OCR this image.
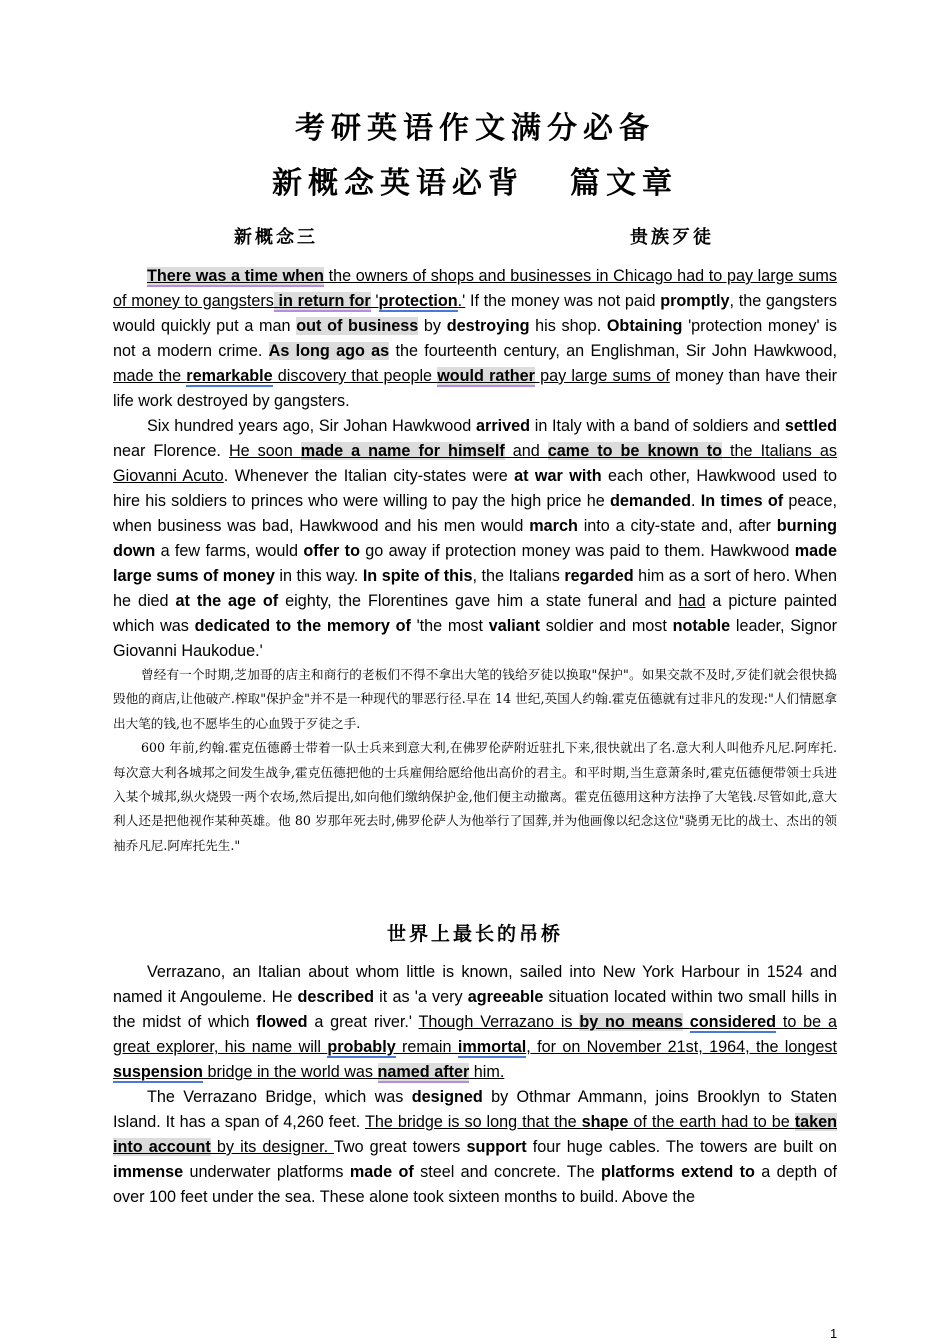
考研英语作文满分必备
新概念英语必背 篇文章
新概念三	贵族歹徒

There was a time when the owners of shops and businesses in Chicago had to pay large sums of money to gangsters in return for 'protection.' If the money was not paid promptly, the gangsters would quickly put a man out of business by destroying his shop. Obtaining 'protection money' is not a modern crime. As long ago as the fourteenth century, an Englishman, Sir John Hawkwood, made the remarkable discovery that people would rather pay large sums of money than have their life work destroyed by gangsters.

Six hundred years ago, Sir Johan Hawkwood arrived in Italy with a band of soldiers and settled near Florence. He soon made a name for himself and came to be known to the Italians as Giovanni Acuto. Whenever the Italian city-states were at war with each other, Hawkwood used to hire his soldiers to princes who were willing to pay the high price he demanded. In times of peace, when business was bad, Hawkwood and his men would march into a city-state and, after burning down a few farms, would offer to go away if protection money was paid to them. Hawkwood made large sums of money in this way. In spite of this, the Italians regarded him as a sort of hero. When he died at the age of eighty, the Florentines gave him a state funeral and had a picture painted which was dedicated to the memory of 'the most valiant soldier and most notable leader, Signor Giovanni Haukodue.'

曾经有一个时期,芝加哥的店主和商行的老板们不得不拿出大笔的钱给歹徒以换取"保护"。如果交款不及时,歹徒们就会很快捣毁他的商店,让他破产.榨取"保护金"并不是一种现代的罪恶行径.早在 14 世纪,英国人约翰.霍克伍德就有过非凡的发现:"人们情愿拿出大笔的钱,也不愿毕生的心血毁于歹徒之手.

600 年前,约翰.霍克伍德爵士带着一队士兵来到意大利,在佛罗伦萨附近驻扎下来,很快就出了名.意大利人叫他乔凡尼.阿库托.每次意大利各城邦之间发生战争,霍克伍德把他的士兵雇佣给愿给他出高价的君主。和平时期,当生意萧条时,霍克伍德便带领士兵进入某个城邦,纵火烧毁一两个农场,然后提出,如向他们缴纳保护金,他们便主动撤离。霍克伍德用这种方法挣了大笔钱.尽管如此,意大利人还是把他视作某种英雄。他 80 岁那年死去时,佛罗伦萨人为他举行了国葬,并为他画像以纪念这位"骁勇无比的战士、杰出的领袖乔凡尼.阿库托先生."

世界上最长的吊桥

Verrazano, an Italian about whom little is known, sailed into New York Harbour in 1524 and named it Angouleme. He described it as 'a very agreeable situation located within two small hills in the midst of which flowed a great river.' Though Verrazano is by no means considered to be a great explorer, his name will probably remain immortal, for on November 21st, 1964, the longest suspension bridge in the world was named after him.

The Verrazano Bridge, which was designed by Othmar Ammann, joins Brooklyn to Staten Island. It has a span of 4,260 feet. The bridge is so long that the shape of the earth had to be taken into account by its designer. Two great towers support four huge cables. The towers are built on immense underwater platforms made of steel and concrete. The platforms extend to a depth of over 100 feet under the sea. These alone took sixteen months to build. Above the

1
